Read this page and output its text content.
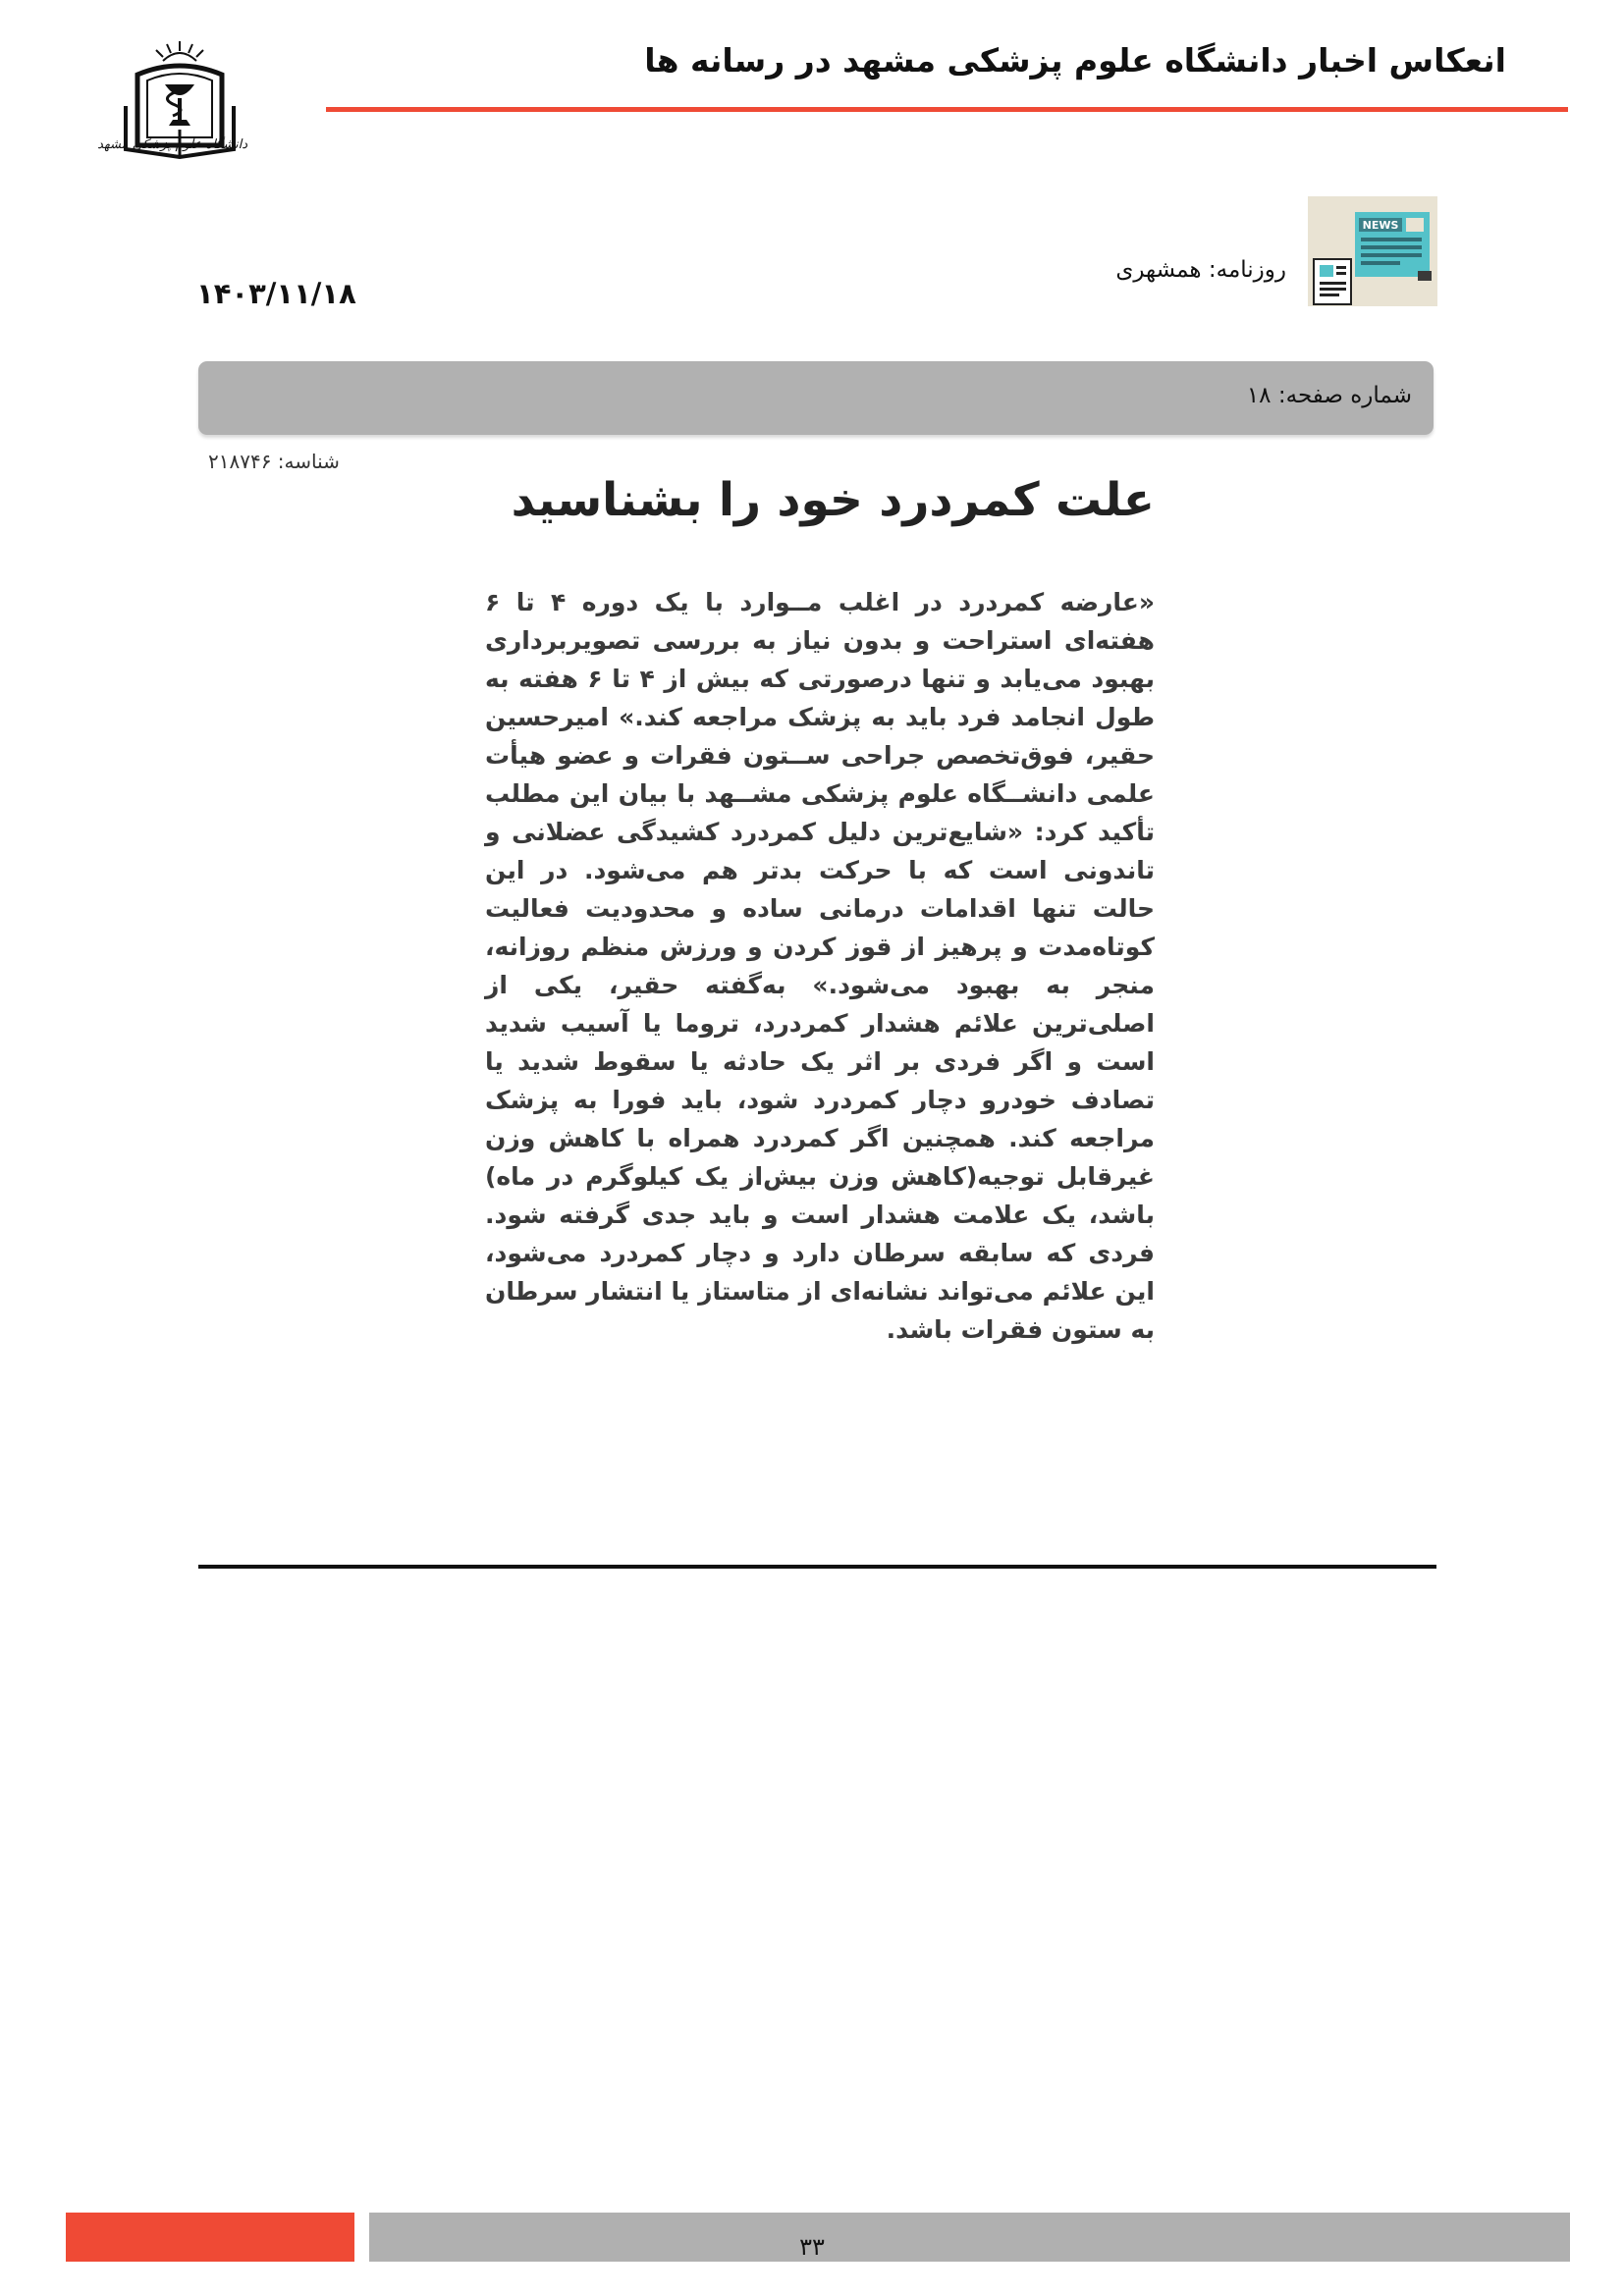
انعکاس اخبار دانشگاه علوم پزشکی مشهد در رسانه ها
دانشگاه علوم پزشکی مشهد
NEWS
روزنامه: همشهری
۱۴۰۳/۱۱/۱۸
شماره صفحه: ۱۸
شناسه: ۲۱۸۷۴۶
علت کمردرد خود را بشناسید
«عارضه کمردرد در اغلب مــوارد با یک دوره ۴ تا ۶ هفته‌ای استراحت و بدون نیاز به بررسی تصویربرداری بهبود می‌یابد و تنها درصورتی که بیش از ۴ تا ۶ هفته به طول انجامد فرد باید به پزشک مراجعه کند.» امیرحسین حقیر، فوق‌تخصص جراحی ســتون فقرات و عضو هیأت علمی دانشــگاه علوم پزشکی مشــهد با بیان این مطلب تأکید کرد: «شایع‌ترین دلیل کمردرد کشیدگی عضلانی و تاندونی است که با حرکت بدتر هم می‌شود. در این حالت تنها اقدامات درمانی ساده و محدودیت فعالیت کوتاه‌مدت و پرهیز از قوز کردن و ورزش منظم روزانه، منجر به بهبود می‌شود.» به‌گفته حقیر، یکی از اصلی‌ترین علائم هشدار کمردرد، تروما یا آسیب شدید است و اگر فردی بر اثر یک حادثه یا سقوط شدید یا تصادف خودرو دچار کمردرد شود، باید فورا به پزشک مراجعه کند. همچنین اگر کمردرد همراه با کاهش وزن غیرقابل توجیه(کاهش وزن بیش‌از یک کیلوگرم در ماه) باشد، یک علامت هشدار است و باید جدی گرفته شود. فردی که سابقه سرطان دارد و دچار کمردرد می‌شود، این علائم می‌تواند نشانه‌ای از متاستاز یا انتشار سرطان به ستون فقرات باشد.
۳۳
